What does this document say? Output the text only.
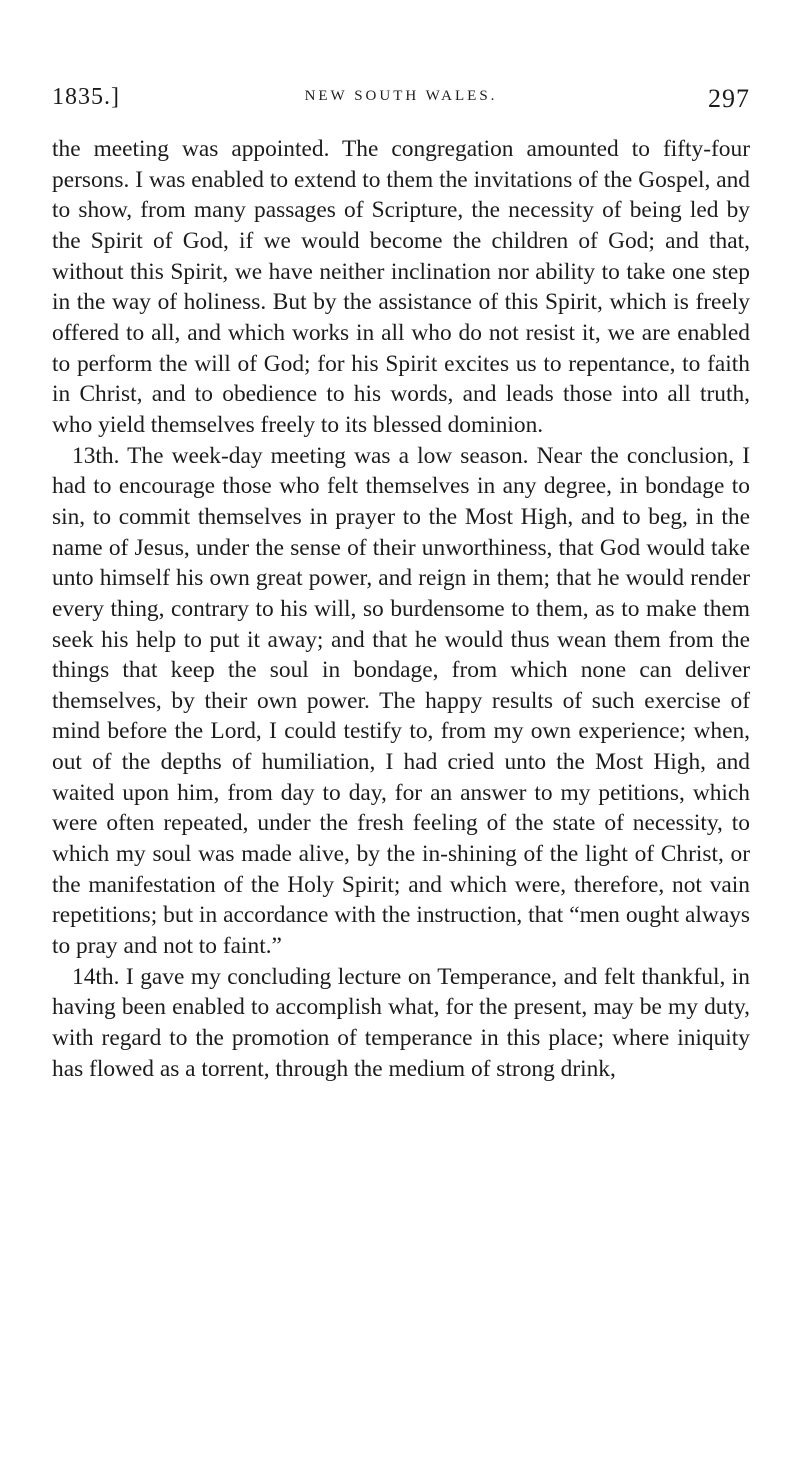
1835.]	NEW SOUTH WALES.	297

the meeting was appointed. The congregation amounted to fifty-four persons. I was enabled to extend to them the invitations of the Gospel, and to show, from many passages of Scripture, the necessity of being led by the Spirit of God, if we would become the children of God; and that, without this Spirit, we have neither inclination nor ability to take one step in the way of holiness. But by the assistance of this Spirit, which is freely offered to all, and which works in all who do not resist it, we are enabled to perform the will of God; for his Spirit excites us to repentance, to faith in Christ, and to obedience to his words, and leads those into all truth, who yield themselves freely to its blessed dominion.

13th. The week-day meeting was a low season. Near the conclusion, I had to encourage those who felt themselves in any degree, in bondage to sin, to commit themselves in prayer to the Most High, and to beg, in the name of Jesus, under the sense of their unworthiness, that God would take unto himself his own great power, and reign in them; that he would render every thing, contrary to his will, so burdensome to them, as to make them seek his help to put it away; and that he would thus wean them from the things that keep the soul in bondage, from which none can deliver themselves, by their own power. The happy results of such exercise of mind before the Lord, I could testify to, from my own experience; when, out of the depths of humiliation, I had cried unto the Most High, and waited upon him, from day to day, for an answer to my petitions, which were often repeated, under the fresh feeling of the state of necessity, to which my soul was made alive, by the in-shining of the light of Christ, or the manifestation of the Holy Spirit; and which were, therefore, not vain repetitions; but in accordance with the instruction, that “men ought always to pray and not to faint.”

14th. I gave my concluding lecture on Temperance, and felt thankful, in having been enabled to accomplish what, for the present, may be my duty, with regard to the promotion of temperance in this place; where iniquity has flowed as a torrent, through the medium of strong drink,
